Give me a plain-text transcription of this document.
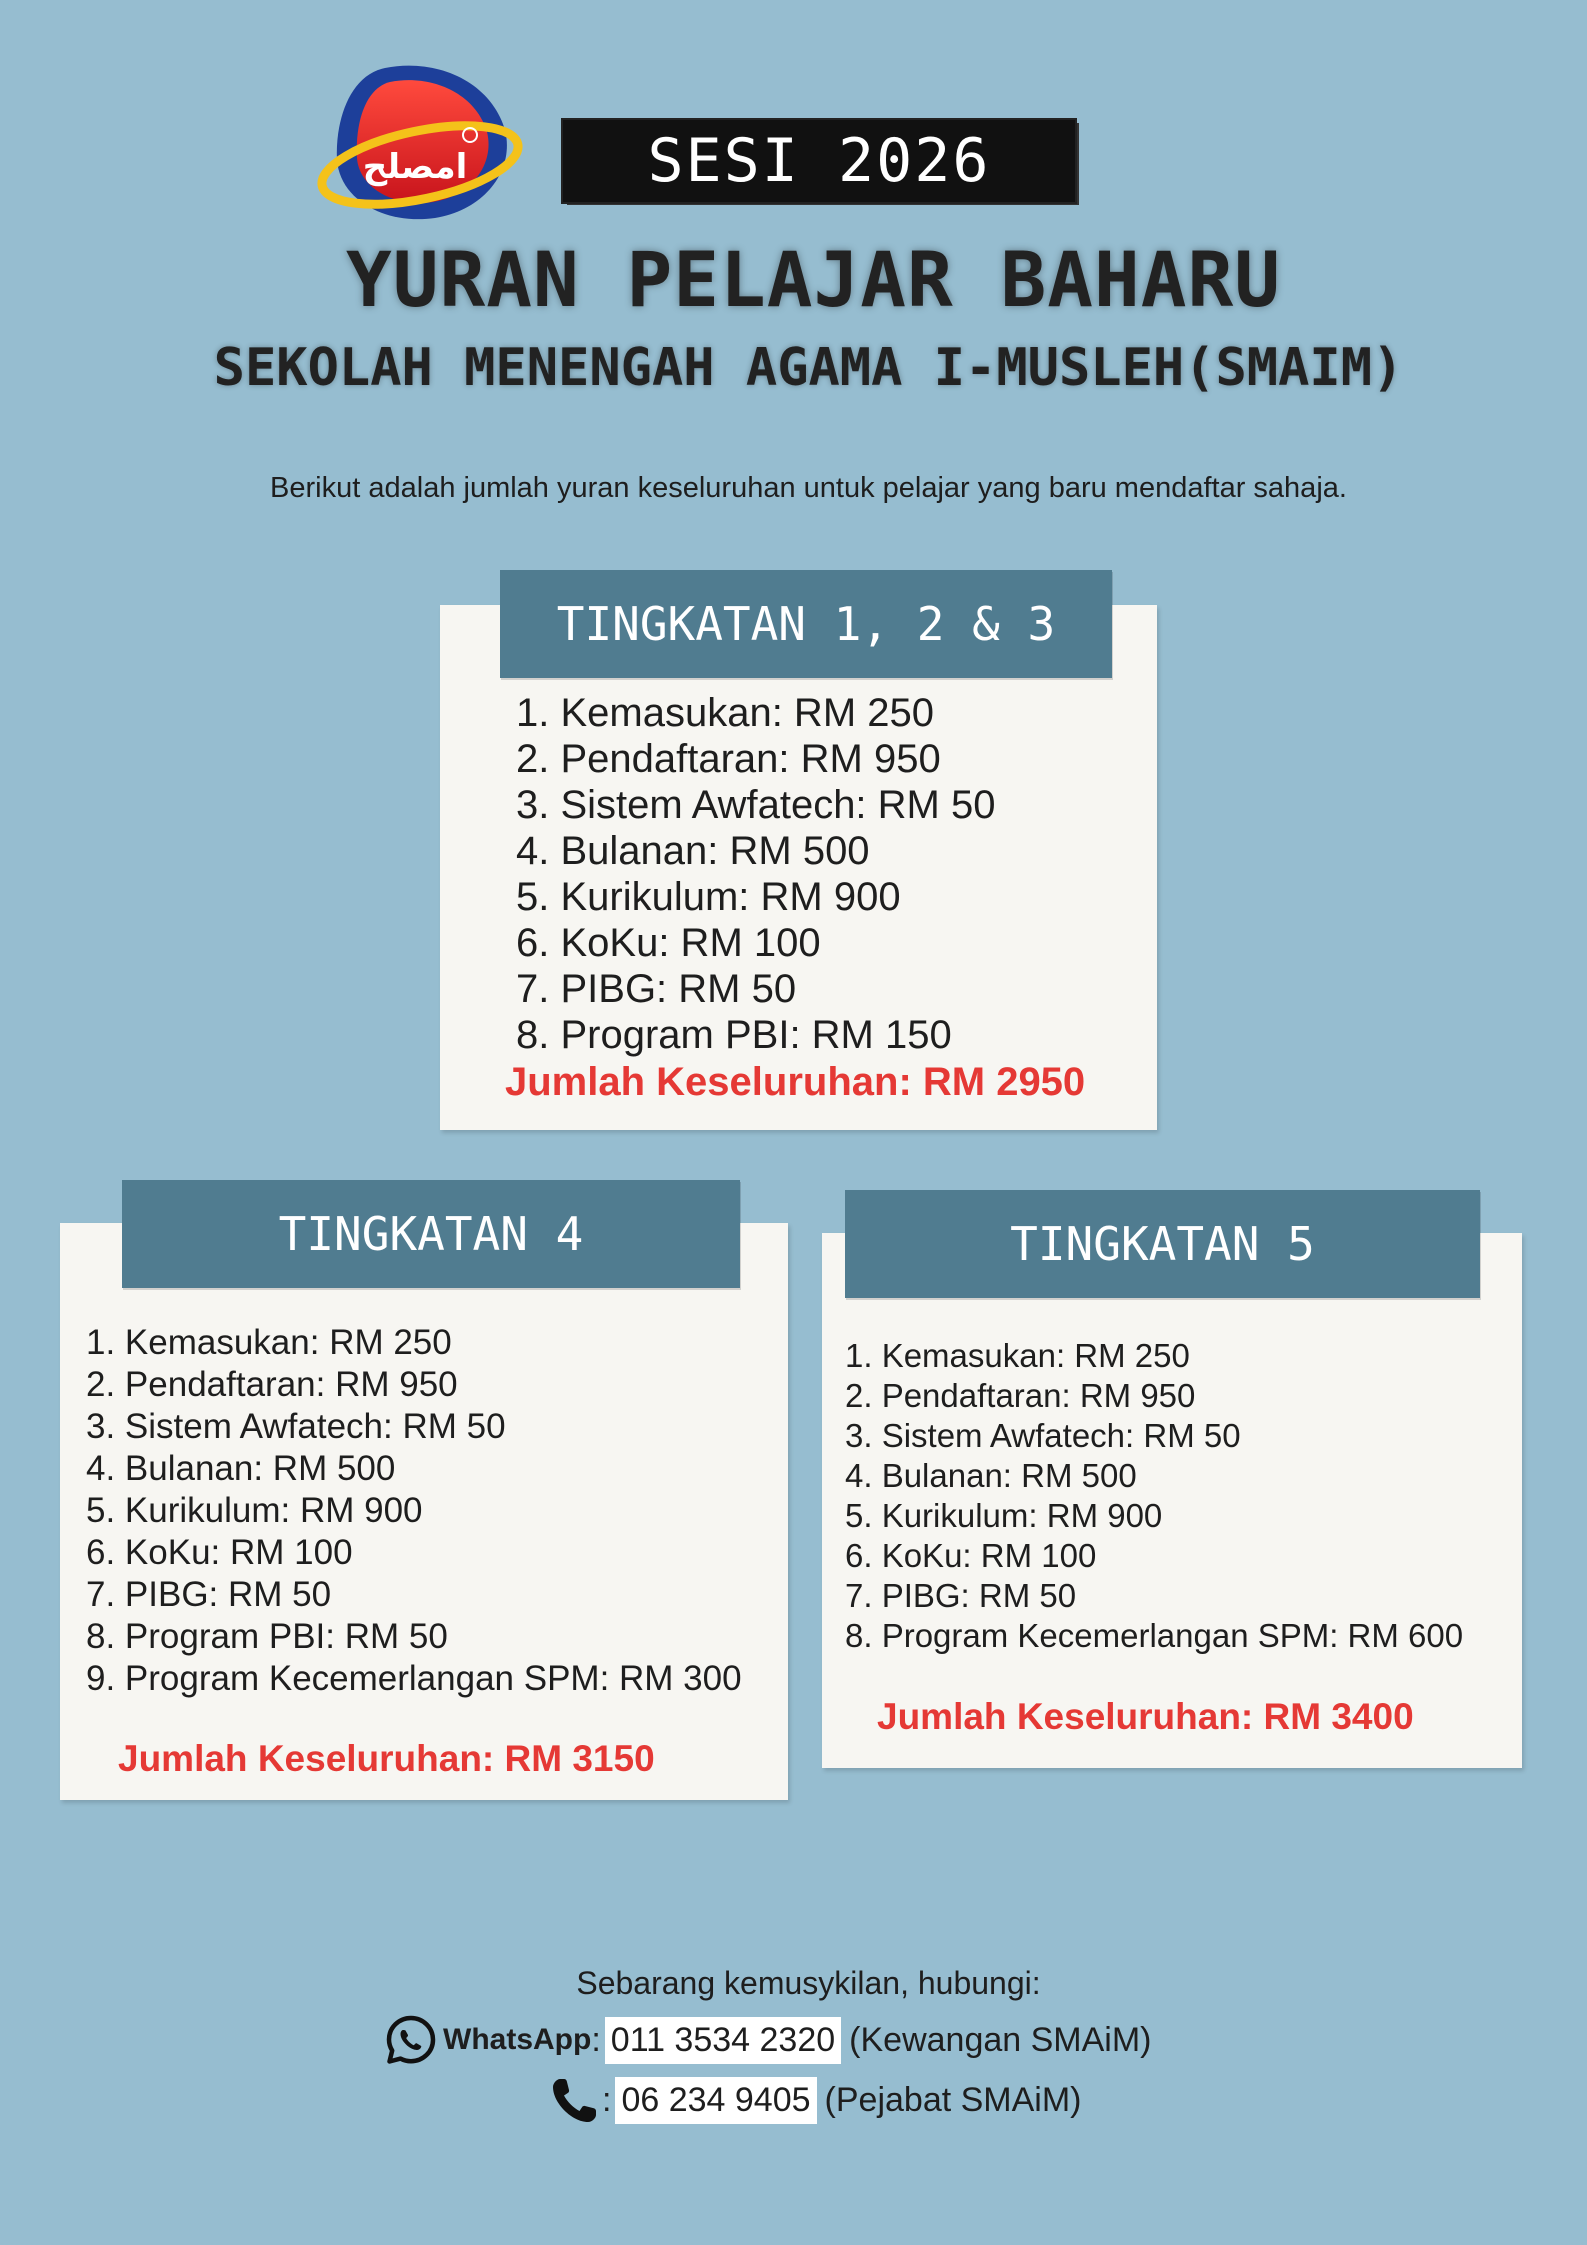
امصلح	SESI 2026
YURAN PELAJAR BAHARU
SEKOLAH MENENGAH AGAMA I-MUSLEH(SMAIM)
Berikut adalah jumlah yuran keseluruhan untuk pelajar yang baru mendaftar sahaja.
TINGKATAN 1, 2 & 3
1. Kemasukan: RM 250
2. Pendaftaran: RM 950
3. Sistem Awfatech: RM 50
4. Bulanan: RM 500
5. Kurikulum: RM 900
6. KoKu: RM 100
7. PIBG: RM 50
8. Program PBI: RM 150
Jumlah Keseluruhan: RM 2950
TINGKATAN 4
1. Kemasukan: RM 250
2. Pendaftaran: RM 950
3. Sistem Awfatech: RM 50
4. Bulanan: RM 500
5. Kurikulum: RM 900
6. KoKu: RM 100
7. PIBG: RM 50
8. Program PBI: RM 50
9. Program Kecemerlangan SPM: RM 300
Jumlah Keseluruhan: RM 3150
TINGKATAN 5
1. Kemasukan: RM 250
2. Pendaftaran: RM 950
3. Sistem Awfatech: RM 50
4. Bulanan: RM 500
5. Kurikulum: RM 900
6. KoKu: RM 100
7. PIBG: RM 50
8. Program Kecemerlangan SPM: RM 600
Jumlah Keseluruhan: RM 3400
Sebarang kemusykilan, hubungi:
WhatsApp : 011 3534 2320 (Kewangan SMAiM)
: 06 234 9405 (Pejabat SMAiM)
